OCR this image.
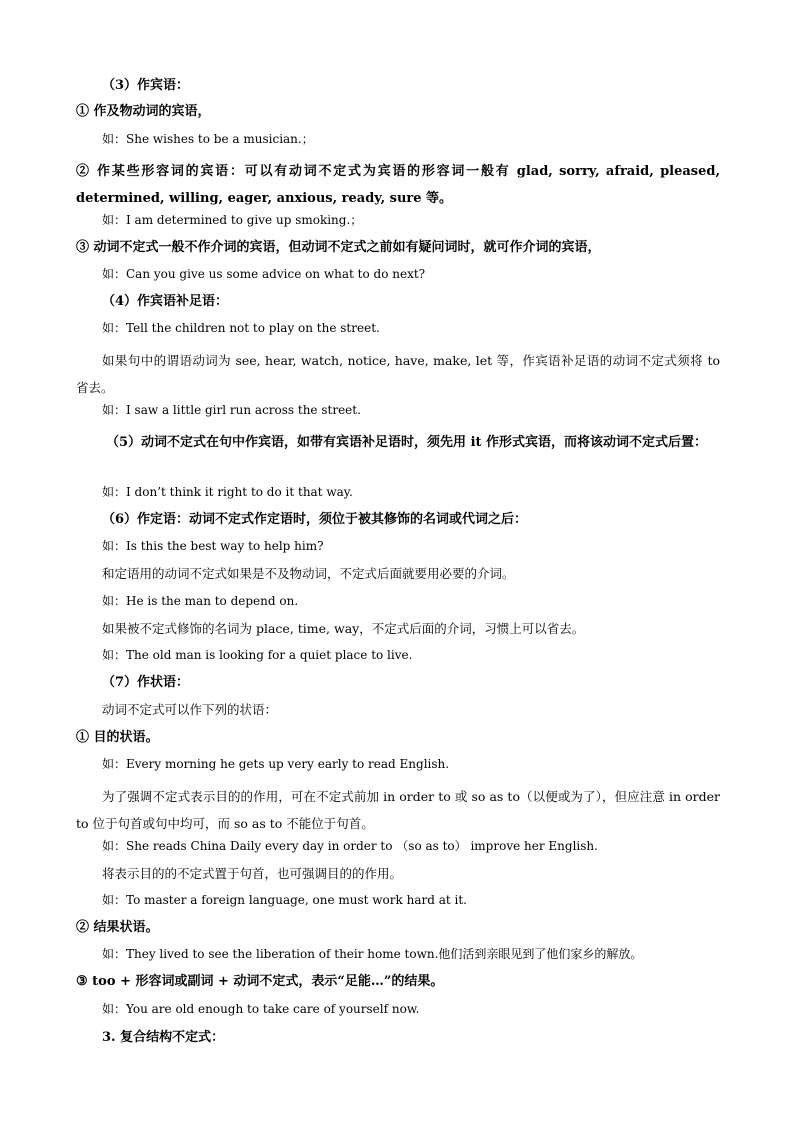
（3）作宾语：
① 作及物动词的宾语，
如：She wishes to be a musician.；
② 作某些形容词的宾语：可以有动词不定式为宾语的形容词一般有 glad, sorry, afraid, pleased, determined, willing, eager, anxious, ready, sure 等。
如：I am determined to give up smoking.；
③ 动词不定式一般不作介词的宾语，但动词不定式之前如有疑问词时，就可作介词的宾语，
如：Can you give us some advice on what to do next?
（4）作宾语补足语：
如：Tell the children not to play on the street.
如果句中的谓语动词为 see, hear, watch, notice, have, make, let 等，作宾语补足语的动词不定式须将 to 省去。
如：I saw a little girl run across the street.
（5）动词不定式在句中作宾语，如带有宾语补足语时，须先用 it 作形式宾语，而将该动词不定式后置：
如：I don’t think it right to do it that way.
（6）作定语：动词不定式作定语时，须位于被其修饰的名词或代词之后：
如：Is this the best way to help him?
和定语用的动词不定式如果是不及物动词，不定式后面就要用必要的介词。
如：He is the man to depend on.
如果被不定式修饰的名词为 place, time, way，不定式后面的介词，习惯上可以省去。
如：The old man is looking for a quiet place to live.
（7）作状语：
动词不定式可以作下列的状语：
① 目的状语。
如：Every morning he gets up very early to read English.
为了强调不定式表示目的的作用，可在不定式前加 in order to 或 so as to（以便或为了），但应注意 in order to 位于句首或句中均可，而 so as to 不能位于句首。
如：She reads China Daily every day in order to （so as to） improve her English.
将表示目的的不定式置于句首，也可强调目的的作用。
如：To master a foreign language, one must work hard at it.
② 结果状语。
如：They lived to see the liberation of their home town.他们活到亲眼见到了他们家乡的解放。
③ too + 形容词或副词 + 动词不定式，表示“足能…”的结果。
如：You are old enough to take care of yourself now.
3. 复合结构不定式：
